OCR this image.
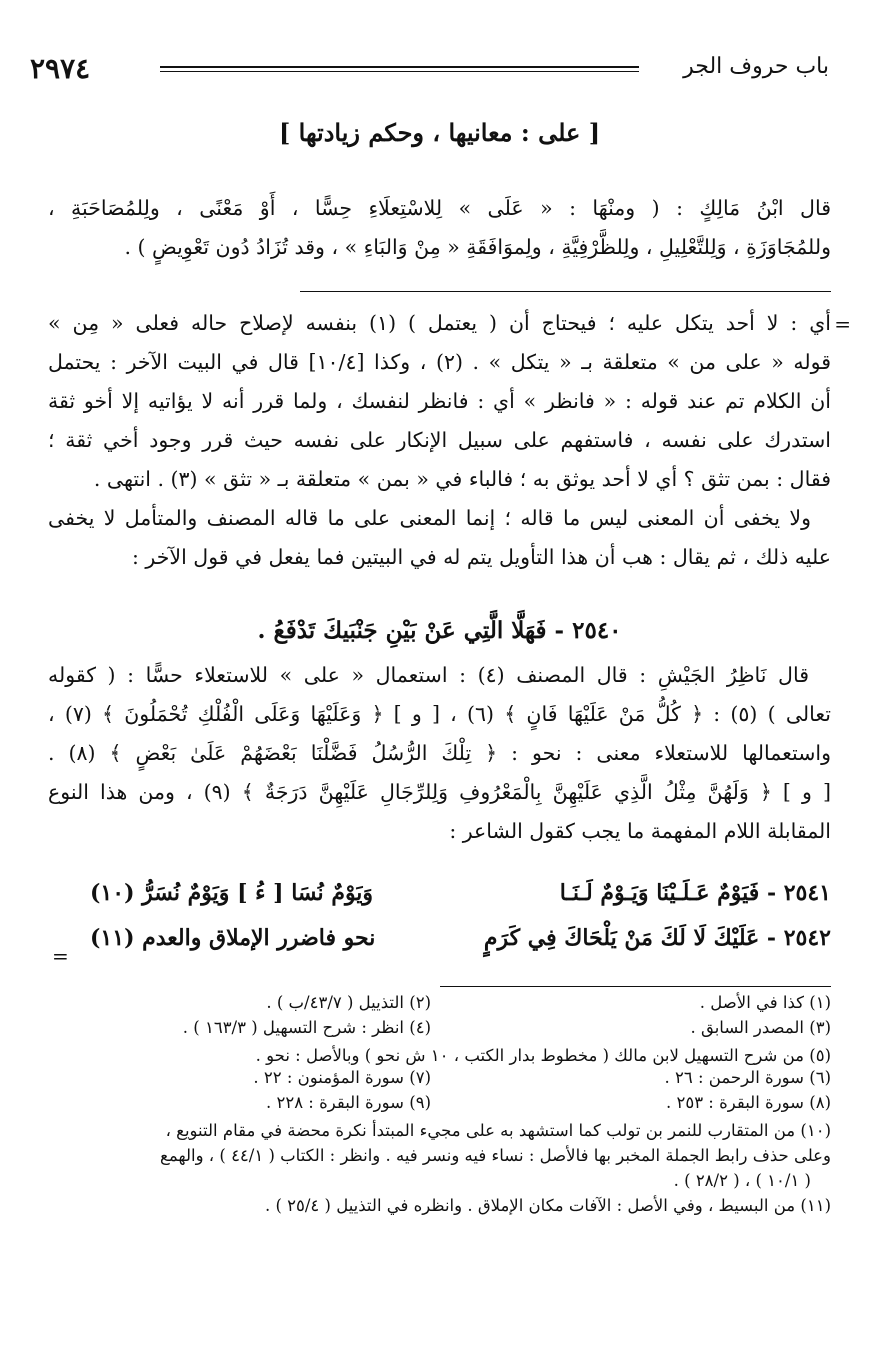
٢٩٧٤	باب حروف الجر
[ على : معانيها ، وحكم زيادتها ]

قال ابْنُ مَالِكٍ : ( ومنْهَا : « عَلَى » لِلاسْتِعلَاءِ حِسًّا ، أَوْ مَعْنًى ، ولِلمُصَاحَبَةِ ،

وللمُجَاوَزَةِ ، وَلِلتَّعْلِيلِ ، ولِلظَّرْفِيَّةِ ، ولِموَافَقَةِ « مِنْ وَالبَاءِ » ، وقد تُزَادُ دُون تَعْوِيضٍ ) .

=

أي : لا أحد يتكل عليه ؛ فيحتاج أن ( يعتمل ) (١) بنفسه لإصلاح حاله فعلى « مِن »

قوله « على من » متعلقة بـ « يتكل » . (٢) ، وكذا [١٠/٤] قال في البيت الآخر : يحتمل

أن الكلام تم عند قوله : « فانظر » أي : فانظر لنفسك ، ولما قرر أنه لا يؤاتيه إلا أخو ثقة

استدرك على نفسه ، فاستفهم على سبيل الإنكار على نفسه حيث قرر وجود أخي ثقة ؛

فقال : بمن تثق ؟ أي لا أحد يوثق به ؛ فالباء في « بمن » متعلقة بـ « تثق » (٣) . انتهى .

ولا يخفى أن المعنى ليس ما قاله ؛ إنما المعنى على ما قاله المصنف والمتأمل لا يخفى

عليه ذلك ، ثم يقال : هب أن هذا التأويل يتم له في البيتين فما يفعل في قول الآخر :

٢٥٤٠ - فَهَلَّا الَّتِي عَنْ بَيْنِ جَنْبَيكَ تَدْفَعُ .

قال نَاظِرُ الجَيْشِ : قال المصنف (٤) : استعمال « على » للاستعلاء حسًّا : ( كقوله

تعالى ) (٥) : ﴿ كُلُّ مَنْ عَلَيْهَا فَانٍ ﴾ (٦) ، [ و ] ﴿ وَعَلَيْهَا وَعَلَى الْفُلْكِ تُحْمَلُونَ ﴾ (٧) ،

واستعمالها للاستعلاء معنى : نحو : ﴿ تِلْكَ الرُّسُلُ فَضَّلْنَا بَعْضَهُمْ عَلَىٰ بَعْضٍ ﴾ (٨) .

[ و ] ﴿ وَلَهُنَّ مِثْلُ الَّذِي عَلَيْهِنَّ بِالْمَعْرُوفِ وَلِلرِّجَالِ عَلَيْهِنَّ دَرَجَةٌ ﴾ (٩) ، ومن هذا النوع

المقابلة اللام المفهمة ما يجب كقول الشاعر :

٢٥٤١ - فَيَوْمٌ عَـلَـيْنَا وَيَـوْمٌ لَـنَـا
وَيَوْمٌ نُسَا [ ءُ ] وَيَوْمٌ نُسَرُّ (١٠)
٢٥٤٢ - عَلَيْكَ لَا لَكَ مَنْ يَلْحَاكَ فِي كَرَمٍ
نحو فاضرر الإملاق والعدم (١١)
=
(١) كذا في الأصل .
(٢) التذييل ( ٤٣/٧/ب ) .
(٣) المصدر السابق .
(٤) انظر : شرح التسهيل ( ١٦٣/٣ ) .

(٥) من شرح التسهيل لابن مالك ( مخطوط بدار الكتب ، ١٠ ش نحو ) وبالأصل : نحو .

(٦) سورة الرحمن : ٢٦ .
(٧) سورة المؤمنون : ٢٢ .
(٨) سورة البقرة : ٢٥٣ .
(٩) سورة البقرة : ٢٢٨ .

(١٠) من المتقارب للنمر بن تولب كما استشهد به على مجيء المبتدأ نكرة محضة في مقام التنويع ،

وعلى حذف رابط الجملة المخبر بها فالأصل : نساء فيه ونسر فيه . وانظر : الكتاب ( ٤٤/١ ) ، والهمع

( ١٠/١ ) ، ( ٢٨/٢ ) .

(١١) من البسيط ، وفي الأصل : الآفات مكان الإملاق . وانظره في التذييل ( ٢٥/٤ ) .
